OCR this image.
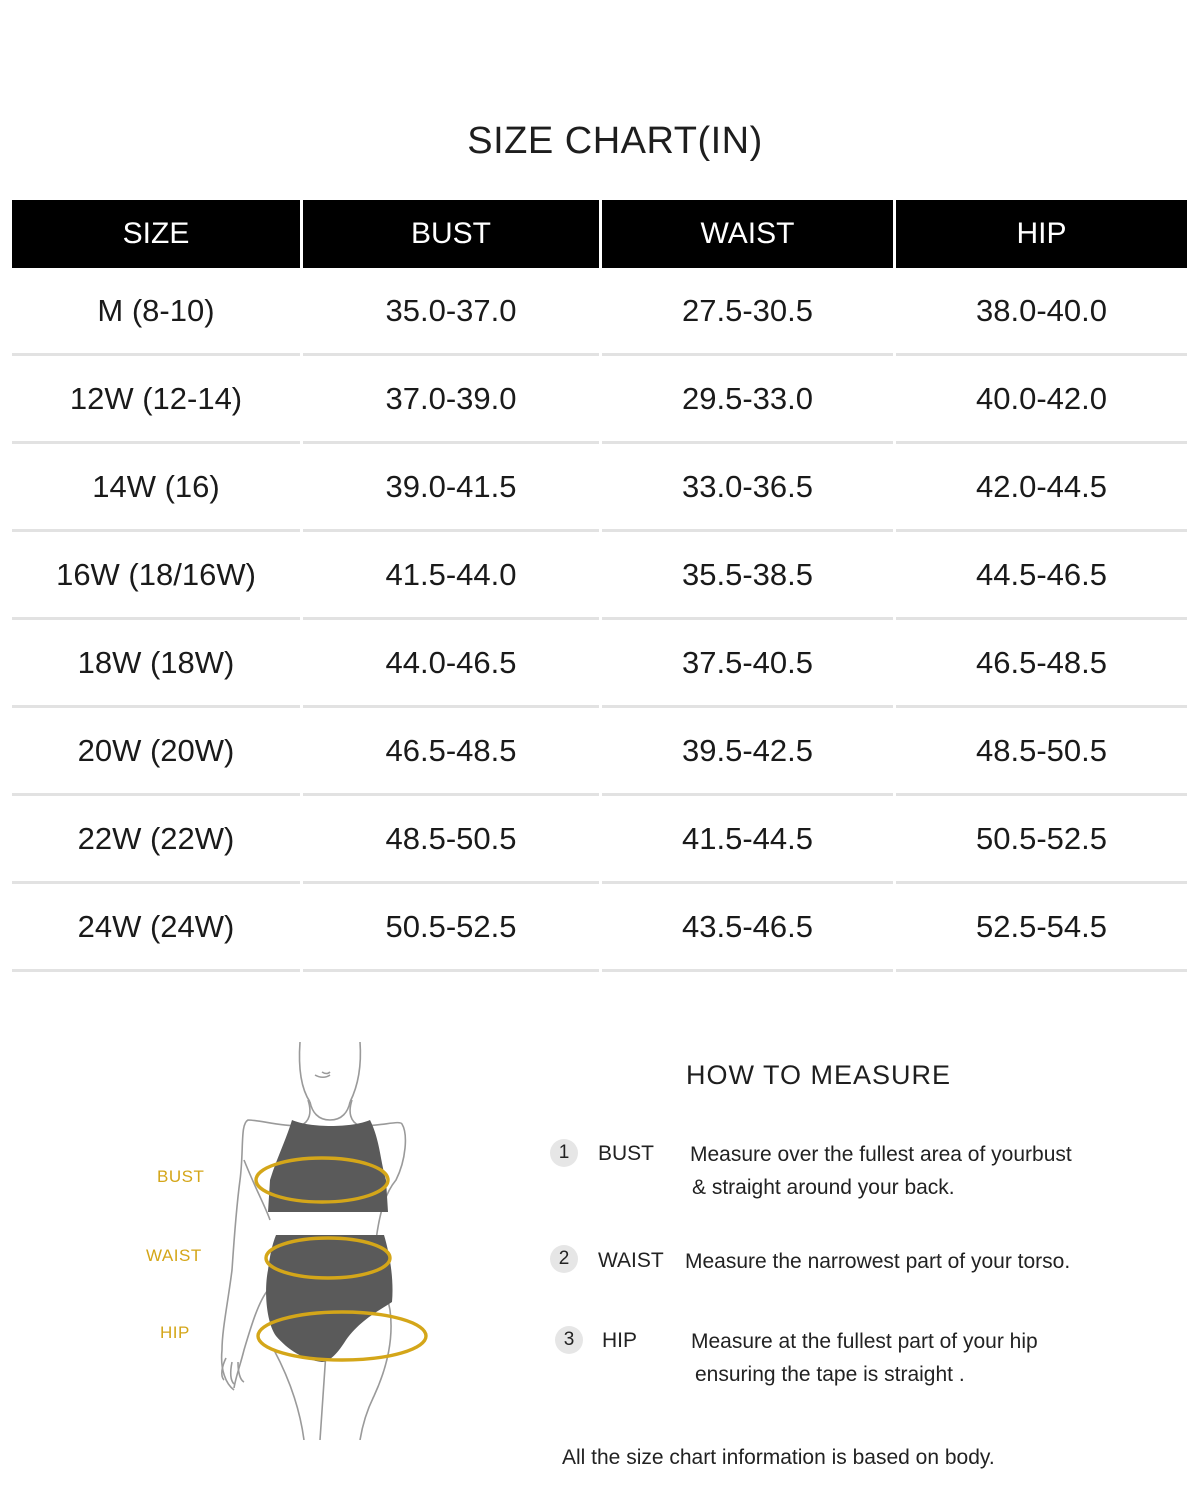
SIZE CHART(IN)
SIZE	BUST	WAIST	HIP
M (8-10)	35.0-37.0	27.5-30.5	38.0-40.0
12W (12-14)	37.0-39.0	29.5-33.0	40.0-42.0
14W (16)	39.0-41.5	33.0-36.5	42.0-44.5
16W (18/16W)	41.5-44.0	35.5-38.5	44.5-46.5
18W (18W)	44.0-46.5	37.5-40.5	46.5-48.5
20W (20W)	46.5-48.5	39.5-42.5	48.5-50.5
22W (22W)	48.5-50.5	41.5-44.5	50.5-52.5
24W (24W)	50.5-52.5	43.5-46.5	52.5-54.5
BUST
WAIST
HIP
HOW TO MEASURE
1	BUST Measure over the fullest area of yourbust
& straight around your back.
2	WAIST Measure the narrowest part of your torso.
3	HIP	Measure at the fullest part of your hip
ensuring the tape is straight .
All the size chart information is based on body.
